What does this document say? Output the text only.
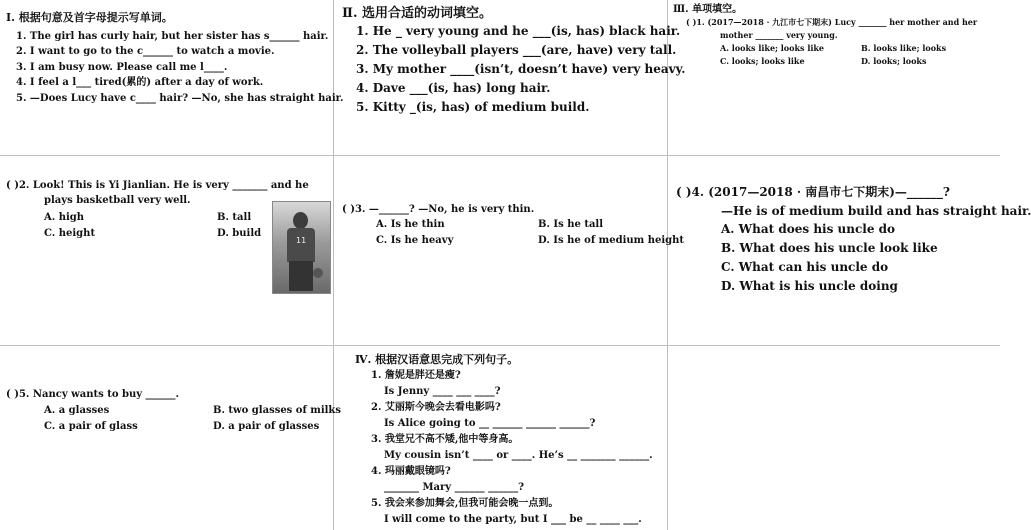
Ⅰ. 根据句意及首字母提示写单词。
1. The girl has curly hair, but her sister has s______ hair.
2. I want to go to the c______ to watch a movie.
3. I am busy now. Please call me l____.
4. I feel a l___ tired(累的) after a day of work.
5. —Does Lucy have c____ hair? —No, she has straight hair.
Ⅱ. 选用合适的动词填空。
1. He _ very young and he ___(is, has) black hair.
2. The volleyball players ___(are, have) very tall.
3. My mother ____(isn’t, doesn’t have) very heavy.
4. Dave ___(is, has) long hair.
5. Kitty _(is, has) of medium build.
Ⅲ. 单项填空。
( )1. (2017—2018 · 九江市七下期末) Lucy _______ her mother and her
mother _______ very young.
A. looks like; looks like	B. looks like; looks
C. looks; looks like	D. looks; looks
( )2. Look! This is Yi Jianlian. He is very _______ and he
plays basketball very well.
A. high	B. tall
C. height	D. build
11
( )3. —______? —No, he is very thin.
A. Is he thin	B. Is he tall
C. Is he heavy	D. Is he of medium height
( )4. (2017—2018 · 南昌市七下期末)—______?
—He is of medium build and has straight hair.
A. What does his uncle do
B. What does his uncle look like
C. What can his uncle do
D. What is his uncle doing
( )5. Nancy wants to buy ______.
A. a glasses	B. two glasses of milks
C. a pair of glass	D. a pair of glasses
Ⅳ. 根据汉语意思完成下列句子。
1. 詹妮是胖还是瘦?
Is Jenny ____ ___ ____?
2. 艾丽斯今晚会去看电影吗?
Is Alice going to __ ______ ______ ______?
3. 我堂兄不高不矮,他中等身高。
My cousin isn’t ____ or ____. He’s __ _______ ______.
4. 玛丽戴眼镜吗?
_______ Mary ______ ______?
5. 我会来参加舞会,但我可能会晚一点到。
I will come to the party, but I ___ be __ ____ ___.
